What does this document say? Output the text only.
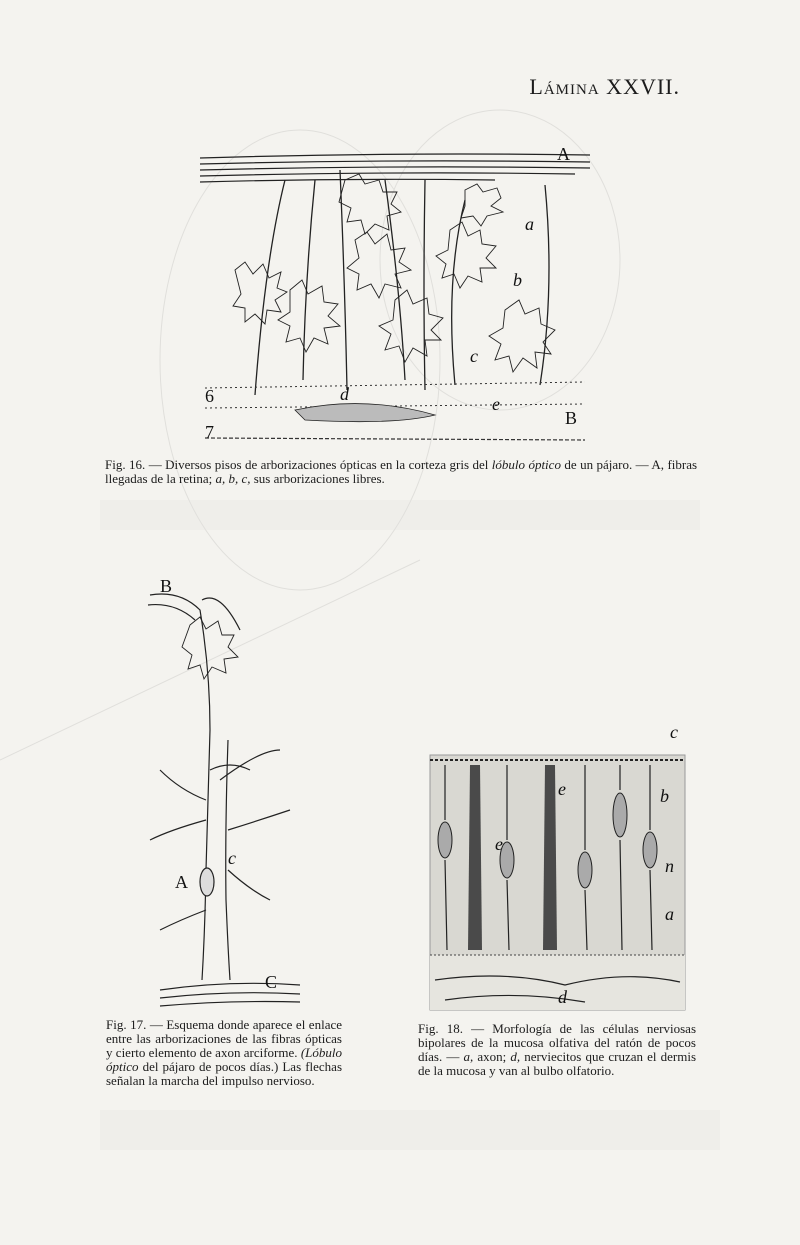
Lámina XXVII.
A
a
b
c
d	e
B
6
7
Fig. 16. — Diversos pisos de arborizaciones ópticas en la corteza gris del lóbulo óptico de un pájaro. — A, fibras llegadas de la retina; a, b, c, sus arborizaciones libres.
B
A
c
C
Fig. 17. — Esquema donde aparece el enlace entre las arborizaciones de las fibras ópticas y cierto elemento de axon arciforme. (Lóbulo óptico del pájaro de pocos días.) Las flechas señalan la marcha del impulso nervioso.
c
b
n
a
e
e
d
Fig. 18. — Morfología de las células nerviosas bipolares de la mucosa olfativa del ratón de pocos días. — a, axon; d, nerviecitos que cruzan el dermis de la mucosa y van al bulbo olfatorio.
